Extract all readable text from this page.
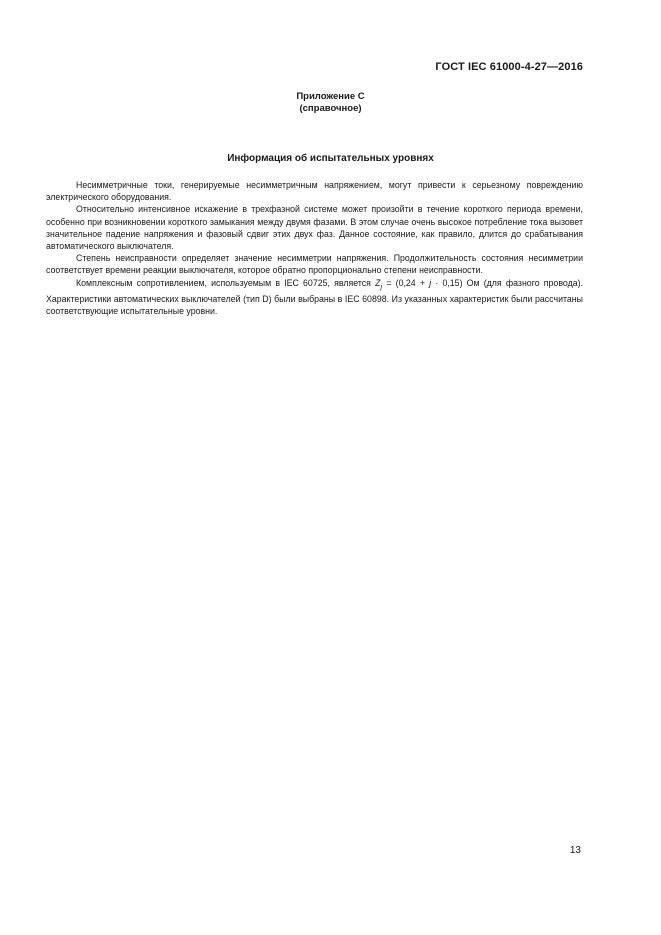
ГОСТ IEC 61000-4-27—2016
Приложение С
(справочное)
Информация об испытательных уровнях

Несимметричные токи, генерируемые несимметричным напряжением, могут привести к серьезному повреждению электрического оборудования.

Относительно интенсивное искажение в трехфазной системе может произойти в течение короткого периода времени, особенно при возникновении короткого замыкания между двумя фазами. В этом случае очень высокое потребление тока вызовет значительное падение напряжения и фазовый сдвиг этих двух фаз. Данное состояние, как правило, длится до срабатывания автоматического выключателя.

Степень неисправности определяет значение несимметрии напряжения. Продолжительность состояния несимметрии соответствует времени реакции выключателя, которое обратно пропорционально степени неисправности.

Комплексным сопротивлением, используемым в IEC 60725, является $Z_j = (0,24 + j \cdot 0,15)$ Ом (для фазного провода). Характеристики автоматических выключателей (тип D) были выбраны в IEC 60898. Из указанных характеристик были рассчитаны соответствующие испытательные уровни.

13
